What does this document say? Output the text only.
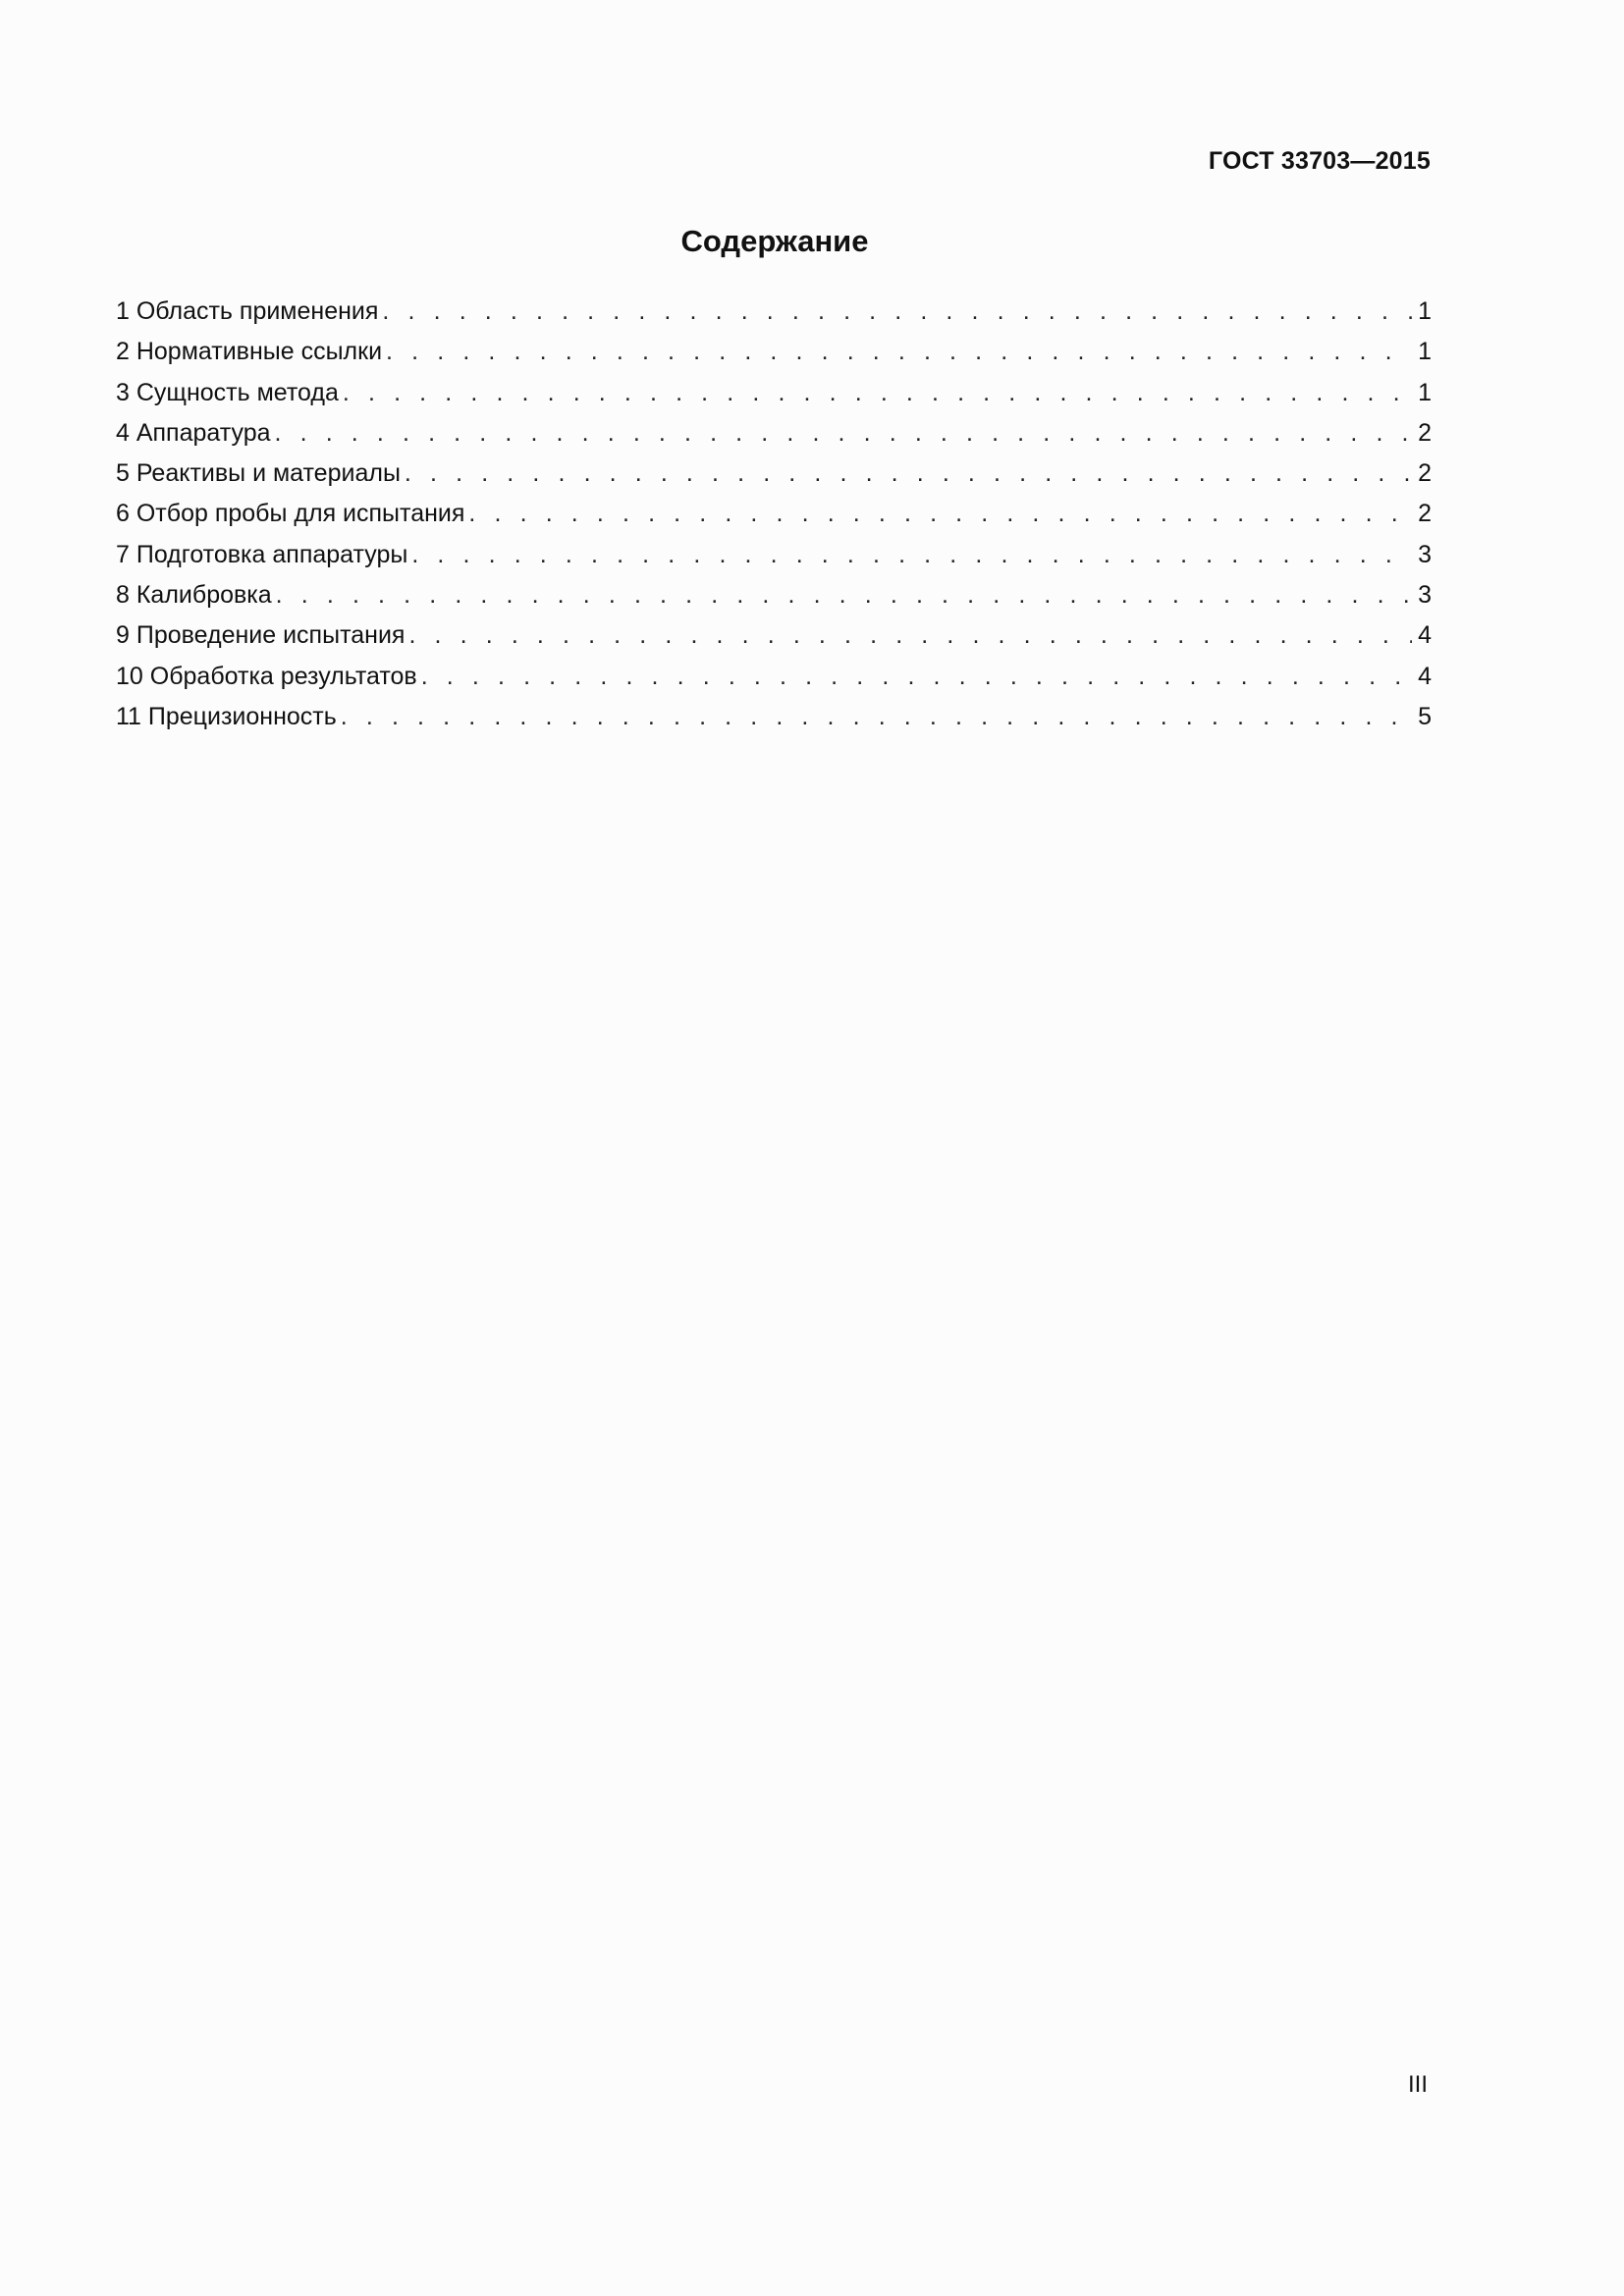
ГОСТ 33703—2015
Содержание
1 Область применения . . .	1
2 Нормативные ссылки . . .	1
3 Сущность метода . . .	1
4 Аппаратура . . .	2
5 Реактивы и материалы . . .	2
6 Отбор пробы для испытания . . .	2
7 Подготовка аппаратуры . . .	3
8 Калибровка . . .	3
9 Проведение испытания . . .	4
10 Обработка результатов . . .	4
11 Прецизионность . . .	5
III
